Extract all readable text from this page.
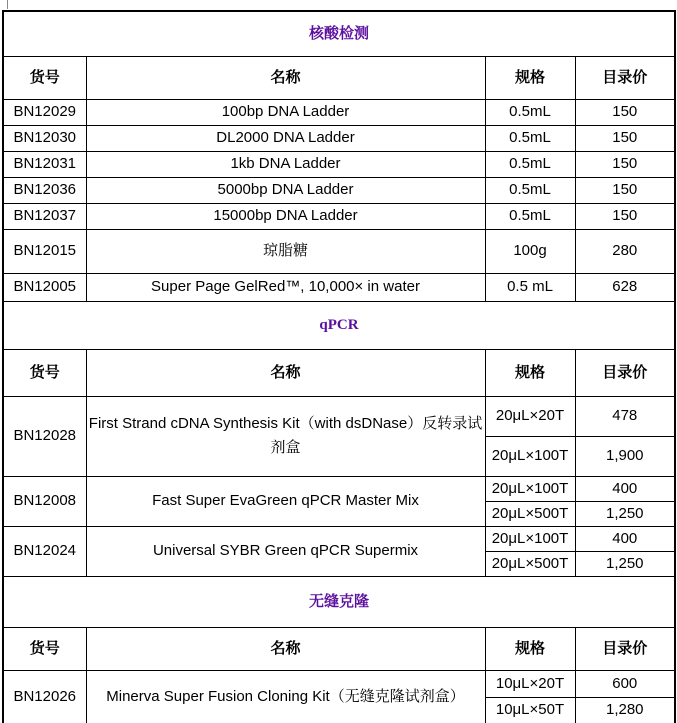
核酸检测			
货号	名称	规格	目录价
BN12029	100bp DNA Ladder	0.5mL	150
BN12030	DL2000 DNA Ladder	0.5mL	150
BN12031	1kb DNA Ladder	0.5mL	150
BN12036	5000bp DNA Ladder	0.5mL	150
BN12037	15000bp DNA Ladder	0.5mL	150
BN12015	琼脂糖	100g	280
BN12005	Super Page GelRed™, 10,000× in water	0.5 mL	628
qPCR			
货号	名称	规格	目录价
BN12028	First Strand cDNA Synthesis Kit（with dsDNase）反转录试剂盒	20μL×20T	478
		20μL×100T	1,900
BN12008	Fast Super EvaGreen qPCR Master Mix	20μL×100T	400
		20μL×500T	1,250
BN12024	Universal SYBR Green qPCR Supermix	20μL×100T	400
		20μL×500T	1,250
无缝克隆			
货号	名称	规格	目录价
BN12026	Minerva Super Fusion Cloning Kit（无缝克隆试剂盒）	10μL×20T	600
		10μL×50T	1,280
